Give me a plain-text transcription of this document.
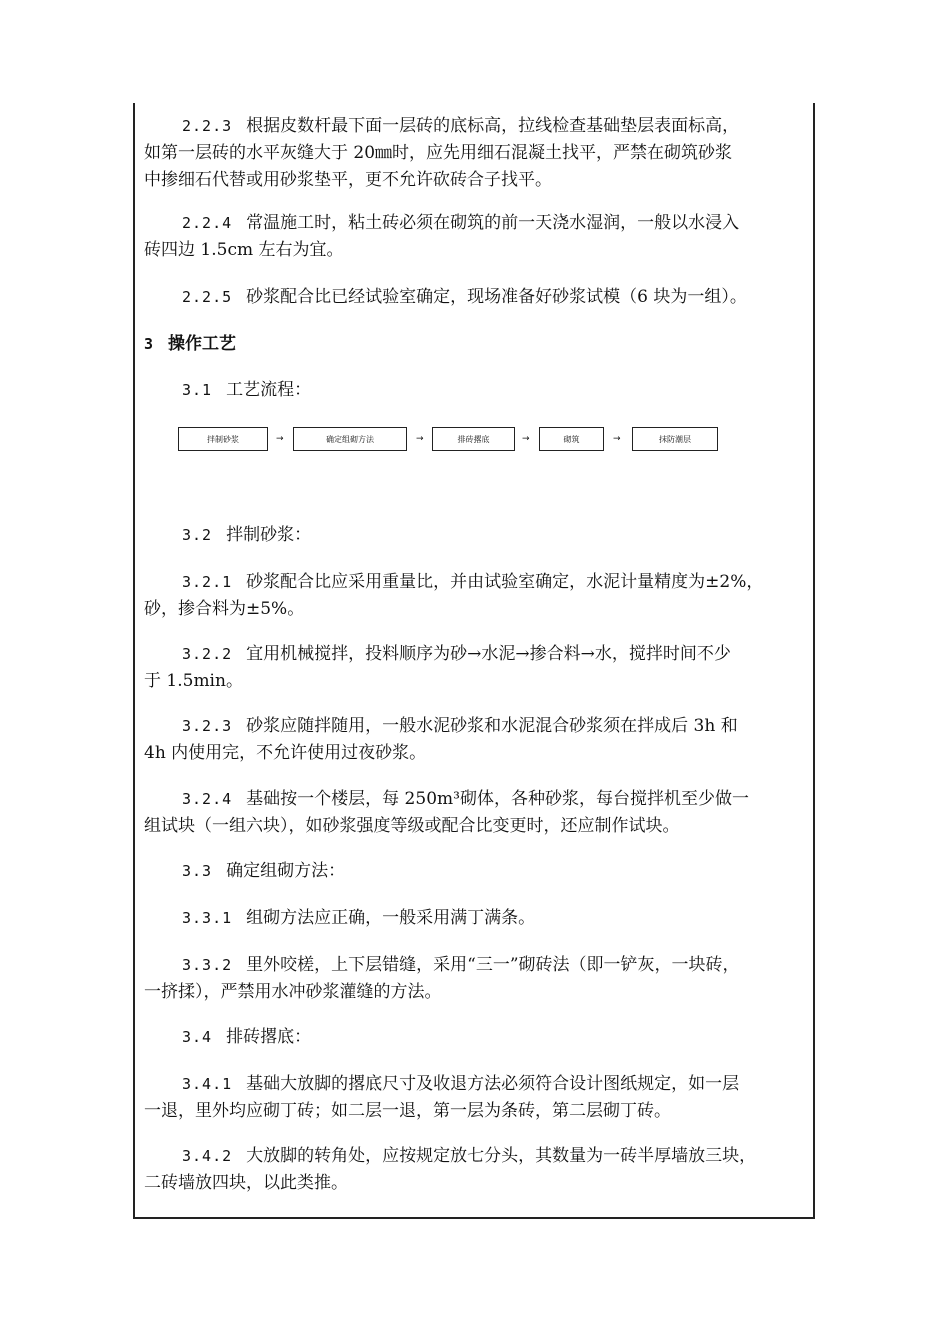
2.2.3 根据皮数杆最下面一层砖的底标高，拉线检查基础垫层表面标高，
如第一层砖的水平灰缝大于 20㎜时，应先用细石混凝土找平，严禁在砌筑砂浆
中掺细石代替或用砂浆垫平，更不允许砍砖合子找平。
2.2.4 常温施工时，粘土砖必须在砌筑的前一天浇水湿润，一般以水浸入
砖四边 1.5cm 左右为宜。
2.2.5 砂浆配合比已经试验室确定，现场准备好砂浆试模（6 块为一组）。
3 操作工艺
3.1 工艺流程：
3.2 拌制砂浆：
3.2.1 砂浆配合比应采用重量比，并由试验室确定，水泥计量精度为±2%，
砂，掺合料为±5%。
3.2.2 宜用机械搅拌，投料顺序为砂→水泥→掺合料→水，搅拌时间不少
于 1.5min。
3.2.3 砂浆应随拌随用，一般水泥砂浆和水泥混合砂浆须在拌成后 3h 和
4h 内使用完，不允许使用过夜砂浆。
3.2.4 基础按一个楼层，每 250m³砌体，各种砂浆，每台搅拌机至少做一
组试块（一组六块），如砂浆强度等级或配合比变更时，还应制作试块。
3.3 确定组砌方法：
3.3.1 组砌方法应正确，一般采用满丁满条。
3.3.2 里外咬槎，上下层错缝，采用“三一”砌砖法（即一铲灰，一块砖，
一挤揉），严禁用水冲砂浆灌缝的方法。
3.4 排砖撂底：
3.4.1 基础大放脚的撂底尺寸及收退方法必须符合设计图纸规定，如一层
一退，里外均应砌丁砖；如二层一退，第一层为条砖，第二层砌丁砖。
3.4.2 大放脚的转角处，应按规定放七分头，其数量为一砖半厚墙放三块，
二砖墙放四块，以此类推。
拌制砂浆	→	确定组砌方法	→	排砖撂底	→	砌筑	→	抹防潮层
